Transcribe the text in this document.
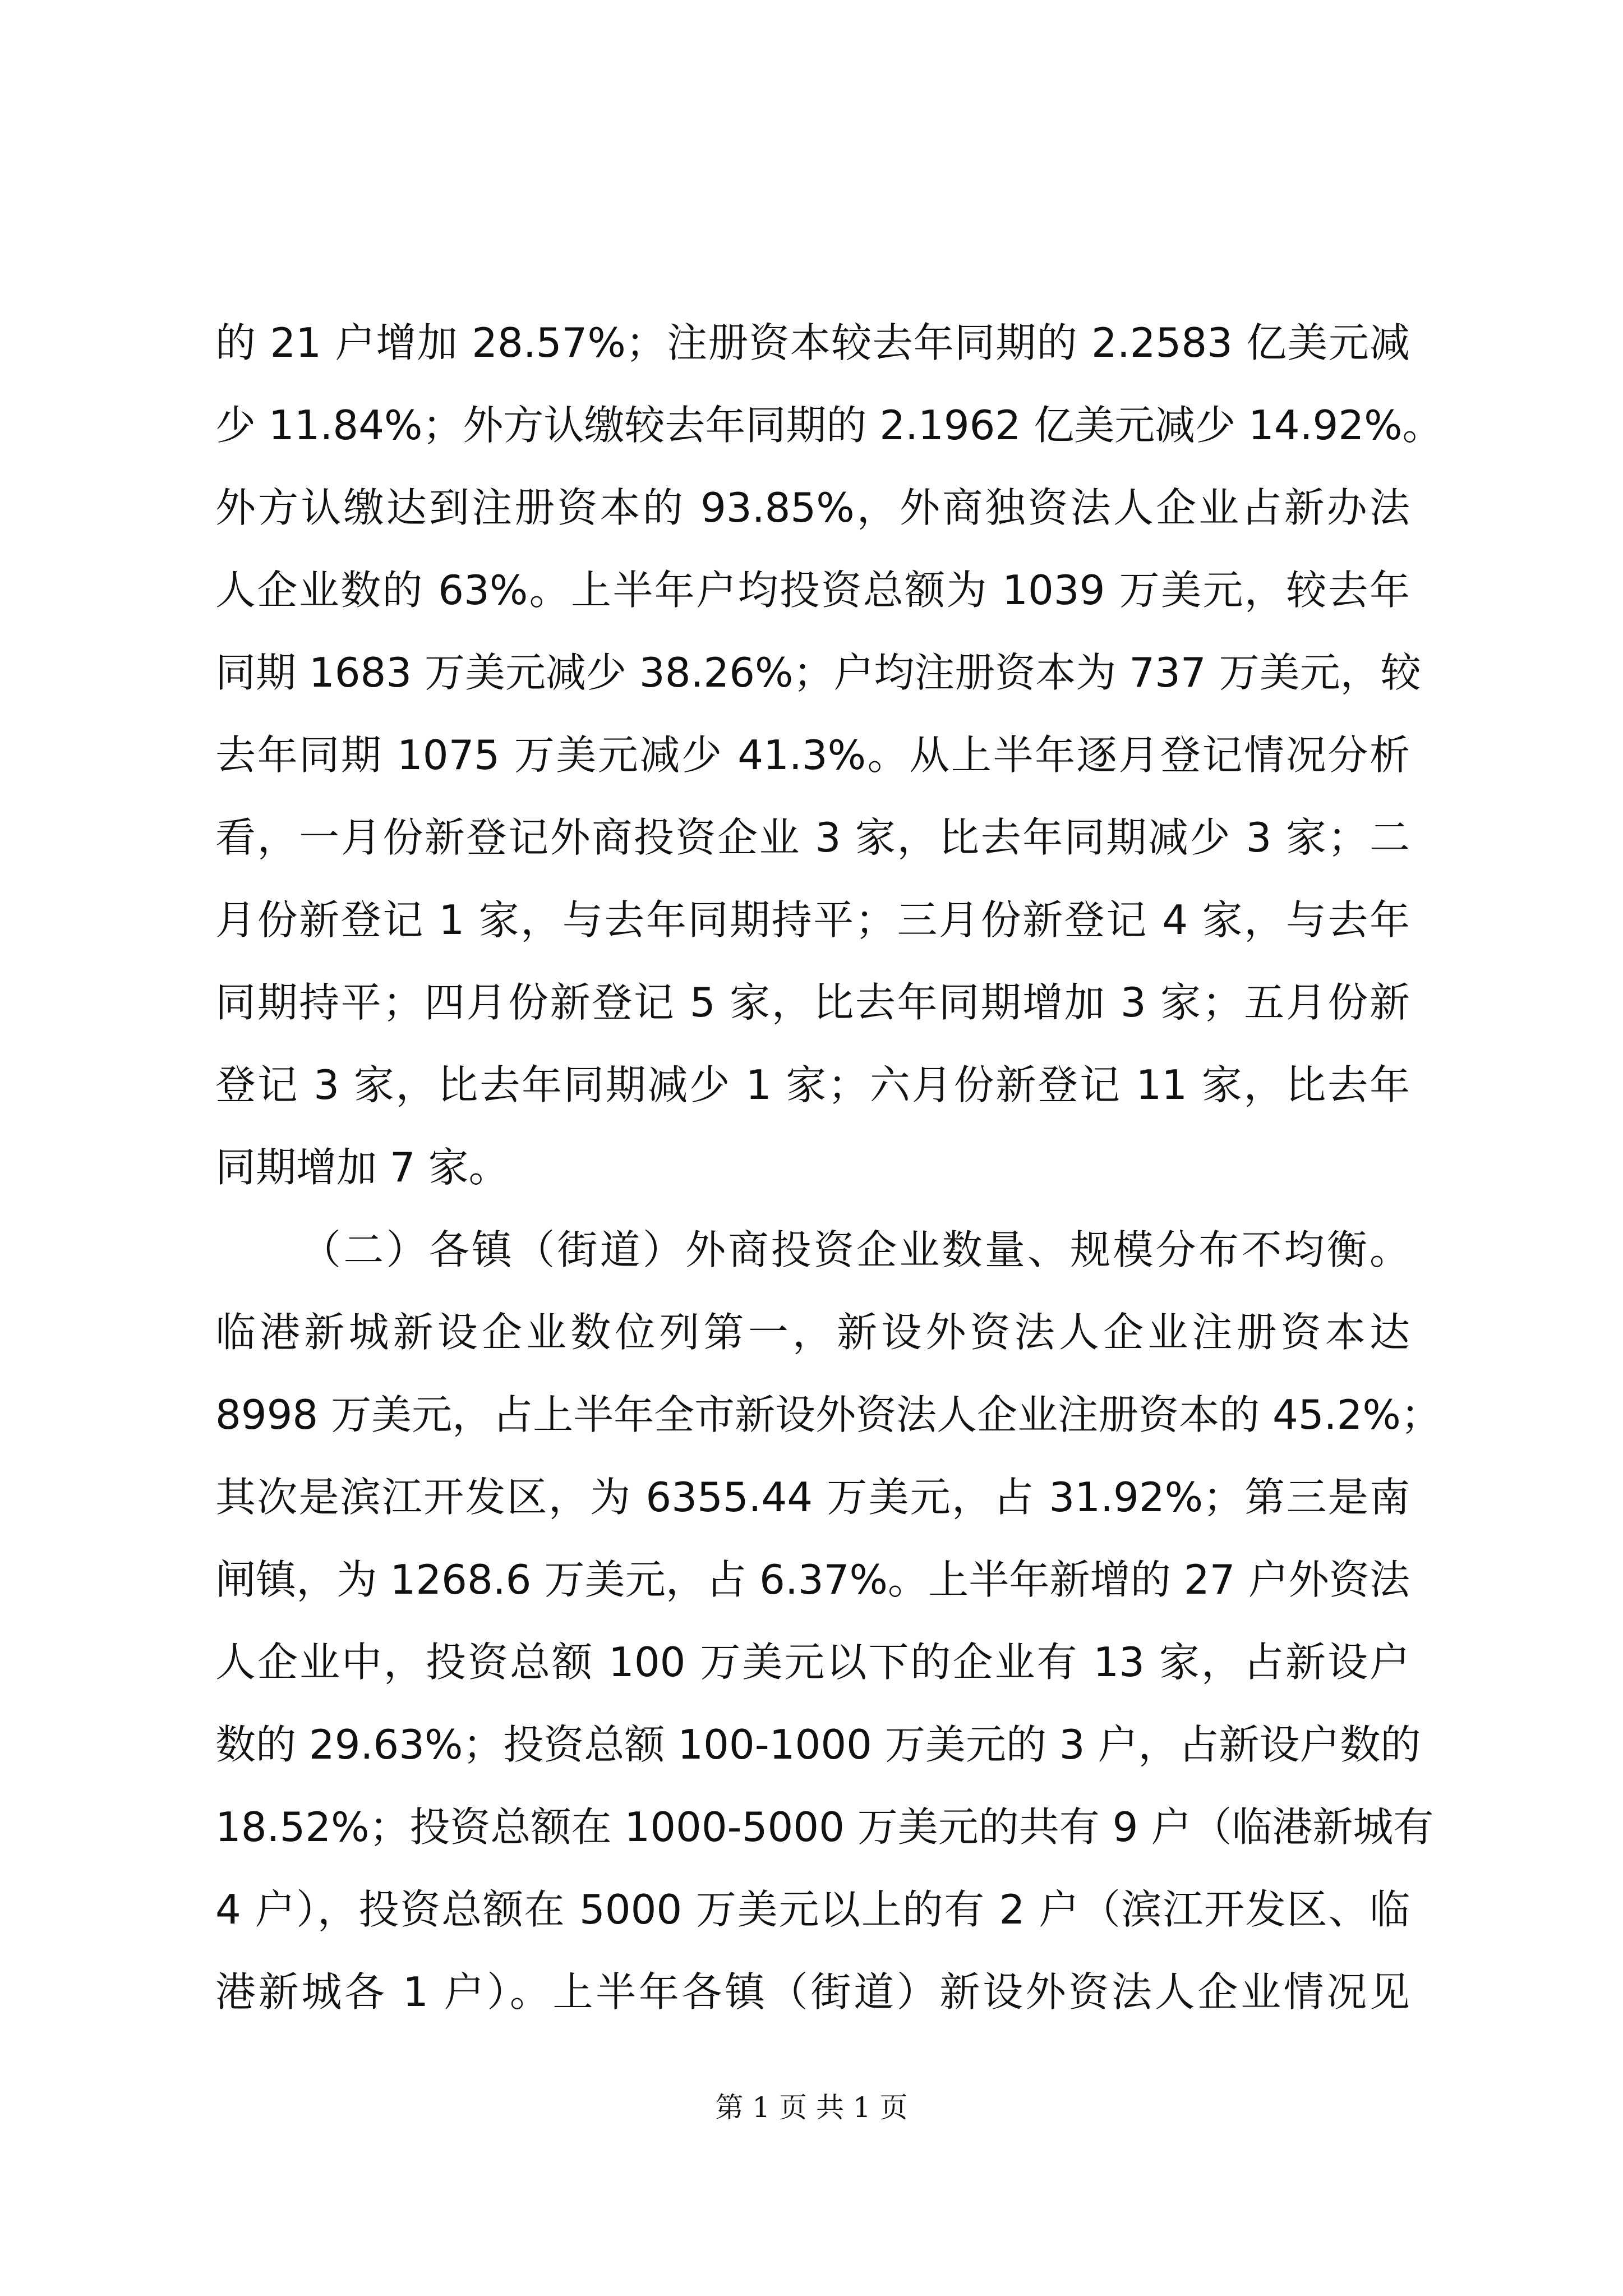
的 21 户增加 28.57%；注册资本较去年同期的 2.2583 亿美元减
少 11.84%；外方认缴较去年同期的 2.1962 亿美元减少 14.92%。
外方认缴达到注册资本的 93.85%，外商独资法人企业占新办法
人企业数的 63%。上半年户均投资总额为 1039 万美元，较去年
同期 1683 万美元减少 38.26%；户均注册资本为 737 万美元，较
去年同期 1075 万美元减少 41.3%。从上半年逐月登记情况分析
看，一月份新登记外商投资企业 3 家，比去年同期减少 3 家；二
月份新登记 1 家，与去年同期持平；三月份新登记 4 家，与去年
同期持平；四月份新登记 5 家，比去年同期增加 3 家；五月份新
登记 3 家，比去年同期减少 1 家；六月份新登记 11 家，比去年
同期增加 7 家。
（二）各镇（街道）外商投资企业数量、规模分布不均衡。
临港新城新设企业数位列第一，新设外资法人企业注册资本达
8998 万美元，占上半年全市新设外资法人企业注册资本的 45.2%；
其次是滨江开发区，为 6355.44 万美元，占 31.92%；第三是南
闸镇，为 1268.6 万美元，占 6.37%。上半年新增的 27 户外资法
人企业中，投资总额 100 万美元以下的企业有 13 家，占新设户
数的 29.63%；投资总额 100-1000 万美元的 3 户，占新设户数的
18.52%；投资总额在 1000-5000 万美元的共有 9 户（临港新城有
4 户），投资总额在 5000 万美元以上的有 2 户（滨江开发区、临
港新城各 1 户）。上半年各镇（街道）新设外资法人企业情况见
第 1 页 共 1 页
